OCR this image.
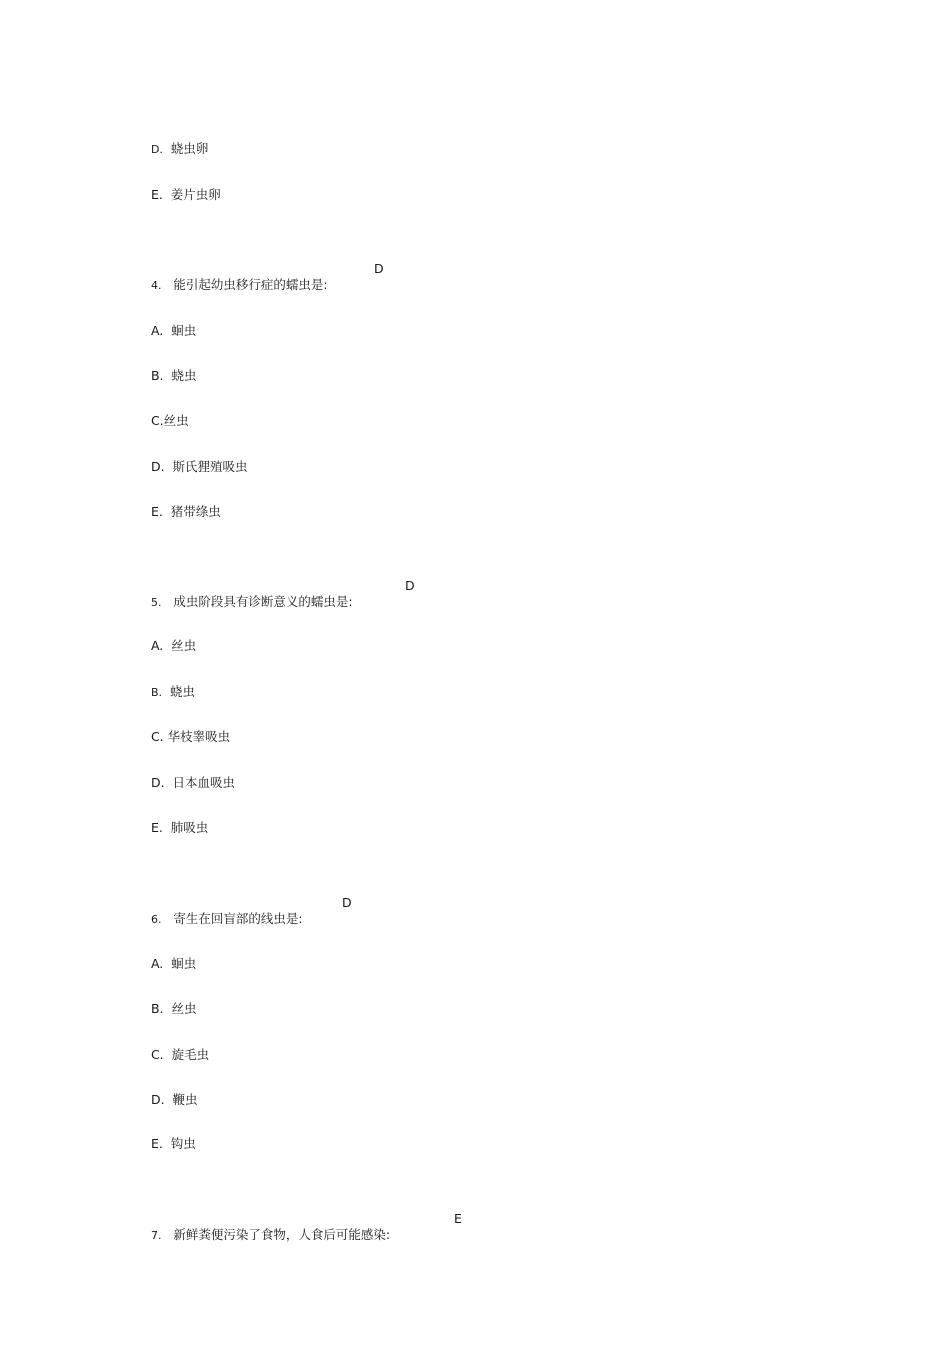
D. 蛲虫卵

E. 姜片虫卵

4. 能引起幼虫移行症的蠕虫是:

D

A. 蛔虫

B. 蛲虫

C.丝虫

D. 斯氏狸殖吸虫

E. 猪带绦虫

5. 成虫阶段具有诊断意义的蠕虫是:

D

A. 丝虫

B. 蛲虫

C. 华枝睾吸虫

D. 日本血吸虫

E. 肺吸虫

6. 寄生在回盲部的线虫是:

D

A. 蛔虫

B. 丝虫

C. 旋毛虫

D. 鞭虫

E. 钩虫

7. 新鲜粪便污染了食物，人食后可能感染:

E
